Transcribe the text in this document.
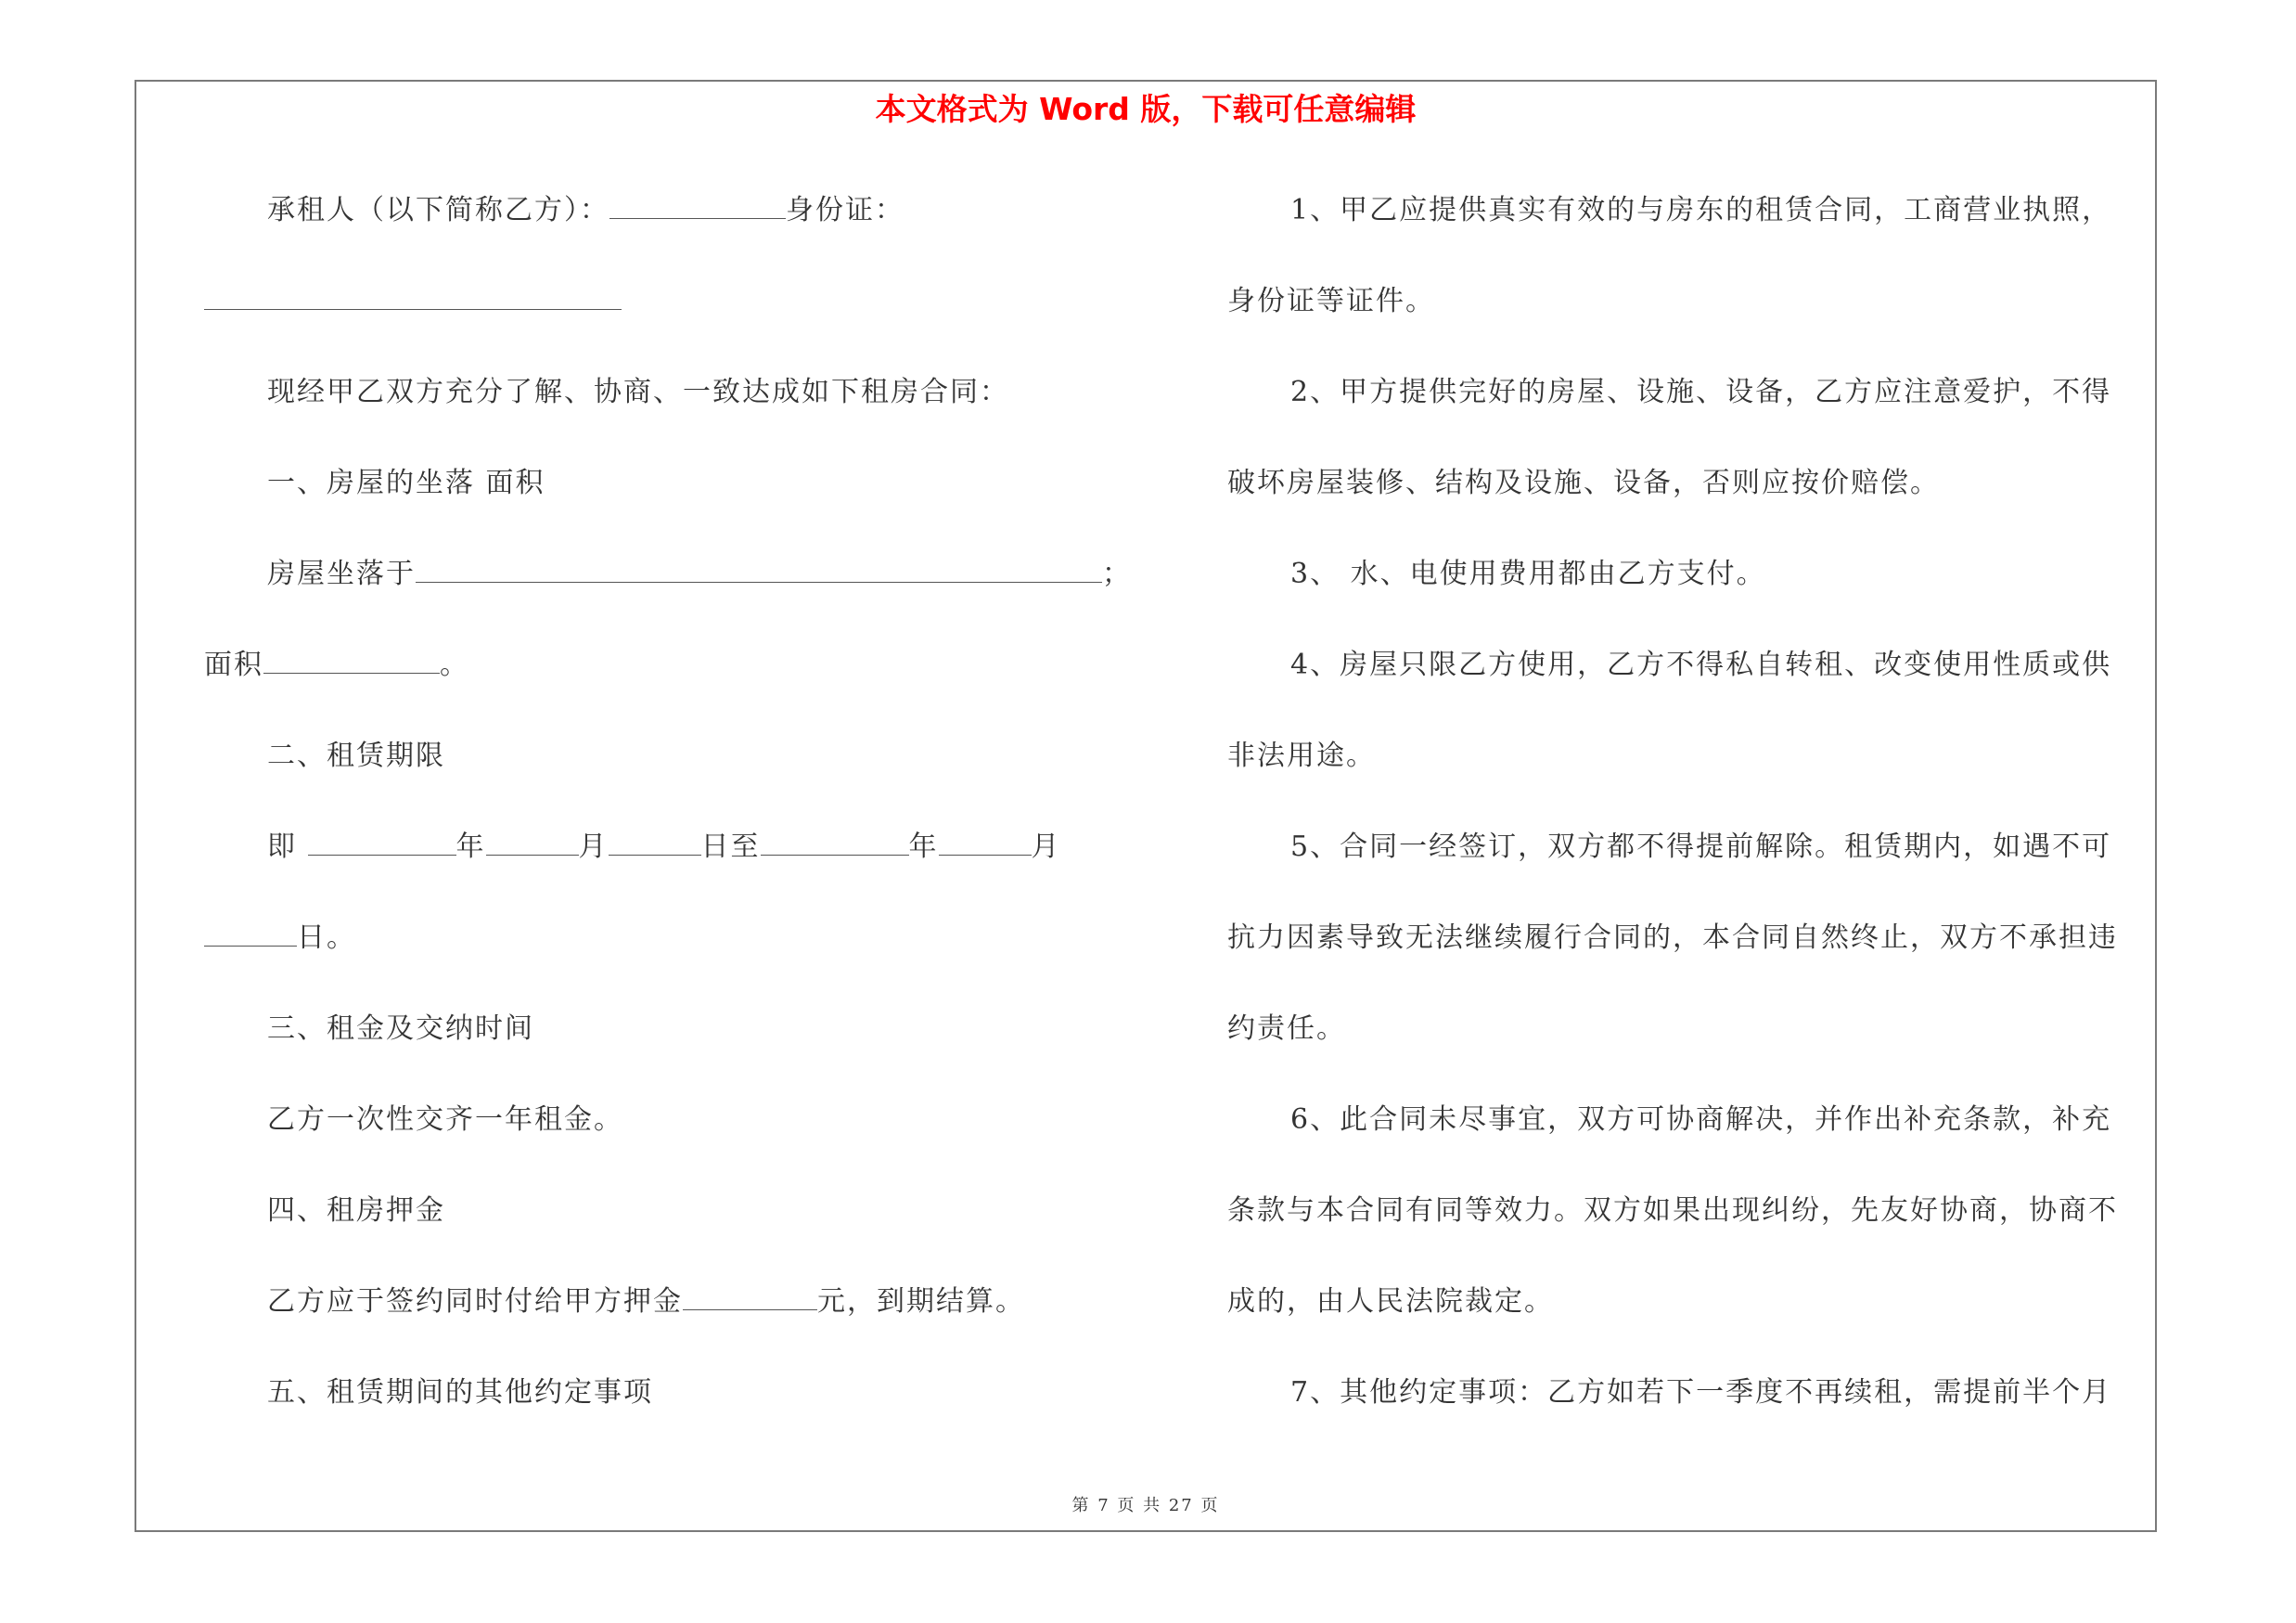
本文格式为 Word 版，下载可任意编辑
承租人（以下简称乙方）：	身份证：
现经甲乙双方充分了解、协商、一致达成如下租房合同：
一、房屋的坐落 面积
房屋坐落于	；
面积	。
二、租赁期限
即	年	月	日至	年	月
日。
三、租金及交纳时间
乙方一次性交齐一年租金。
四、租房押金
乙方应于签约同时付给甲方押金	元，到期结算。
五、租赁期间的其他约定事项
1、甲乙应提供真实有效的与房东的租赁合同，工商营业执照，
身份证等证件。
2、甲方提供完好的房屋、设施、设备，乙方应注意爱护，不得
破坏房屋装修、结构及设施、设备，否则应按价赔偿。
3、 水、电使用费用都由乙方支付。
4、房屋只限乙方使用，乙方不得私自转租、改变使用性质或供
非法用途。
5、合同一经签订，双方都不得提前解除。租赁期内，如遇不可
抗力因素导致无法继续履行合同的，本合同自然终止，双方不承担违
约责任。
6、此合同未尽事宜，双方可协商解决，并作出补充条款，补充
条款与本合同有同等效力。双方如果出现纠纷，先友好协商，协商不
成的，由人民法院裁定。
7、其他约定事项：乙方如若下一季度不再续租，需提前半个月
第 7 页 共 27 页
